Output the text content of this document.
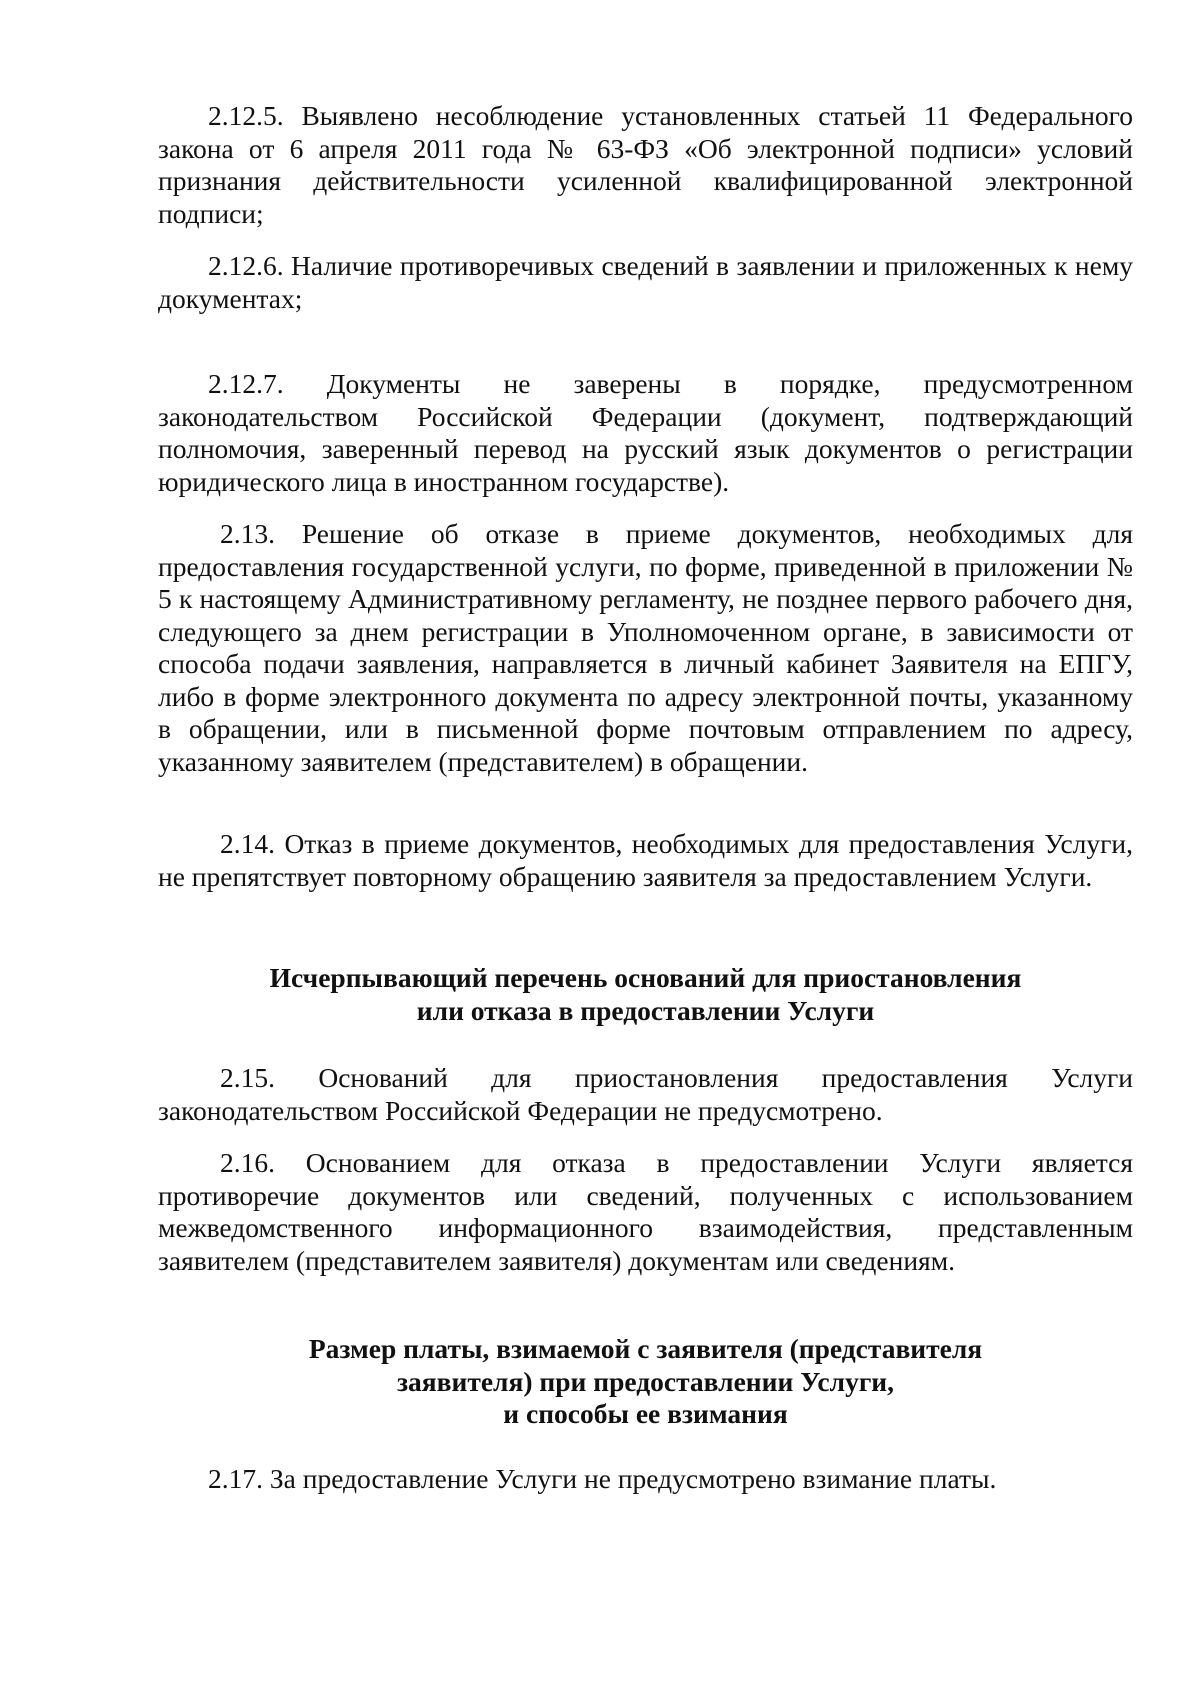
2.12.5. Выявлено несоблюдение установленных статьей 11 Федерального закона от 6 апреля 2011 года № 63-ФЗ «Об электронной подписи» условий признания действительности усиленной квалифицированной электронной подписи;

2.12.6. Наличие противоречивых сведений в заявлении и приложенных к нему документах;

2.12.7. Документы не заверены в порядке, предусмотренном законодательством Российской Федерации (документ, подтверждающий полномочия, заверенный перевод на русский язык документов о регистрации юридического лица в иностранном государстве).

2.13. Решение об отказе в приеме документов, необходимых для предоставления государственной услуги, по форме, приведенной в приложении № 5 к настоящему Административному регламенту, не позднее первого рабочего дня, следующего за днем регистрации в Уполномоченном органе, в зависимости от способа подачи заявления, направляется в личный кабинет Заявителя на ЕПГУ, либо в форме электронного документа по адресу электронной почты, указанному в обращении, или в письменной форме почтовым отправлением по адресу, указанному заявителем (представителем) в обращении.

2.14. Отказ в приеме документов, необходимых для предоставления Услуги, не препятствует повторному обращению заявителя за предоставлением Услуги.

Исчерпывающий перечень оснований для приостановления
или отказа в предоставлении Услуги

2.15. Оснований для приостановления предоставления Услуги законодательством Российской Федерации не предусмотрено.

2.16. Основанием для отказа в предоставлении Услуги является противоречие документов или сведений, полученных с использованием межведомственного информационного взаимодействия, представленным заявителем (представителем заявителя) документам или сведениям.

Размер платы, взимаемой с заявителя (представителя
заявителя) при предоставлении Услуги,
и способы ее взимания

2.17. За предоставление Услуги не предусмотрено взимание платы.
